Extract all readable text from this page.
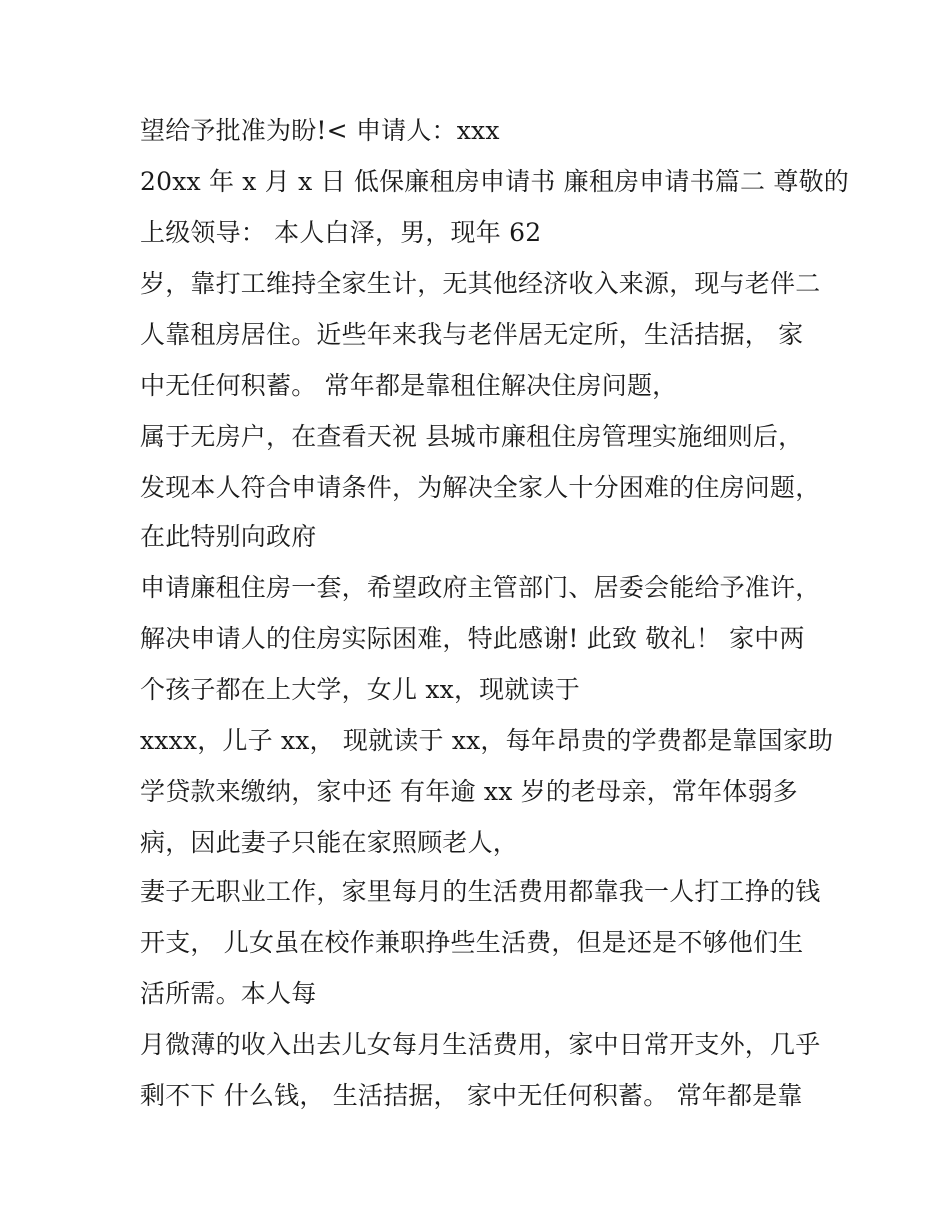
望给予批准为盼!< 申请人：xxx
20xx 年 x 月 x 日 低保廉租房申请书 廉租房申请书篇二 尊敬的
上级领导： 本人白泽，男，现年 62
岁，靠打工维持全家生计，无其他经济收入来源，现与老伴二
人靠租房居住。近些年来我与老伴居无定所，生活拮据， 家
中无任何积蓄。 常年都是靠租住解决住房问题，
属于无房户，在查看天祝 县城市廉租住房管理实施细则后，
发现本人符合申请条件，为解决全家人十分困难的住房问题，
在此特别向政府
申请廉租住房一套，希望政府主管部门、居委会能给予准许，
解决申请人的住房实际困难，特此感谢! 此致 敬礼！ 家中两
个孩子都在上大学，女儿 xx，现就读于
xxxx，儿子 xx， 现就读于 xx，每年昂贵的学费都是靠国家助
学贷款来缴纳，家中还 有年逾 xx 岁的老母亲，常年体弱多
病，因此妻子只能在家照顾老人，
妻子无职业工作，家里每月的生活费用都靠我一人打工挣的钱
开支， 儿女虽在校作兼职挣些生活费，但是还是不够他们生
活所需。本人每
月微薄的收入出去儿女每月生活费用，家中日常开支外，几乎
剩不下 什么钱， 生活拮据， 家中无任何积蓄。 常年都是靠
